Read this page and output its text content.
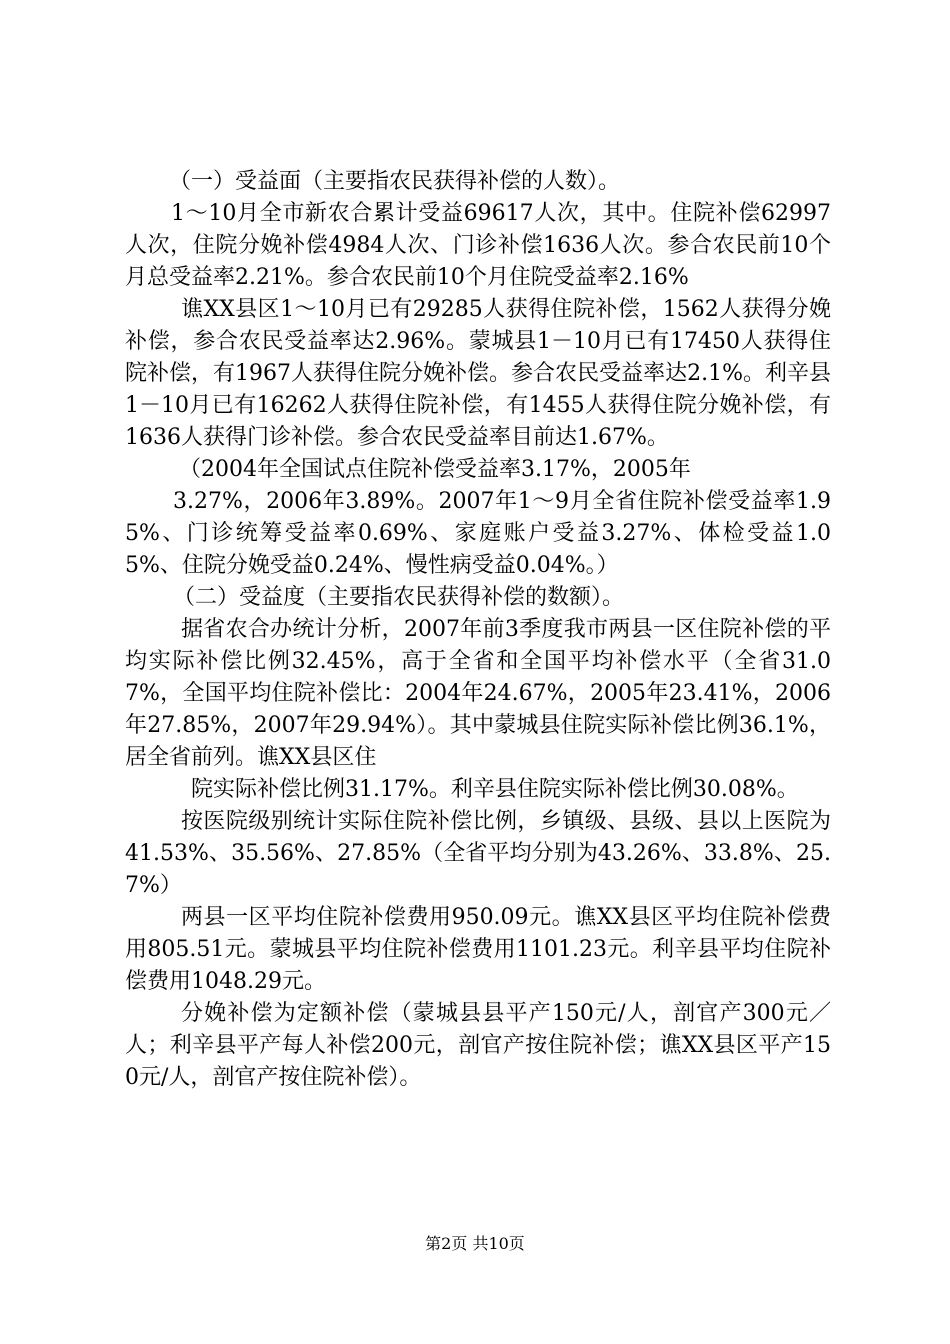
（一）受益面（主要指农民获得补偿的人数）。

1～10月全市新农合累计受益69617人次，其中。住院补偿62997人次，住院分娩补偿4984人次、门诊补偿1636人次。参合农民前10个月总受益率2.21%。参合农民前10个月住院受益率2.16%

谯XX县区1～10月已有29285人获得住院补偿，1562人获得分娩补偿，参合农民受益率达2.96%。蒙城县1－10月已有17450人获得住院补偿，有1967人获得住院分娩补偿。参合农民受益率达2.1%。利辛县1－10月已有16262人获得住院补偿，有1455人获得住院分娩补偿，有1636人获得门诊补偿。参合农民受益率目前达1.67%。

（2004年全国试点住院补偿受益率3.17%，2005年

3.27%，2006年3.89%。2007年1～9月全省住院补偿受益率1.95%、门诊统筹受益率0.69%、家庭账户受益3.27%、体检受益1.05%、住院分娩受益0.24%、慢性病受益0.04%。）

（二）受益度（主要指农民获得补偿的数额）。

据省农合办统计分析，2007年前3季度我市两县一区住院补偿的平均实际补偿比例32.45%，高于全省和全国平均补偿水平（全省31.07%，全国平均住院补偿比：2004年24.67%，2005年23.41%，2006年27.85%，2007年29.94%）。其中蒙城县住院实际补偿比例36.1%，居全省前列。谯XX县区住

院实际补偿比例31.17%。利辛县住院实际补偿比例30.08%。

按医院级别统计实际住院补偿比例，乡镇级、县级、县以上医院为41.53%、35.56%、27.85%（全省平均分别为43.26%、33.8%、25.7%）

两县一区平均住院补偿费用950.09元。谯XX县区平均住院补偿费用805.51元。蒙城县平均住院补偿费用1101.23元。利辛县平均住院补偿费用1048.29元。

分娩补偿为定额补偿（蒙城县县平产150元/人，剖官产300元／人；利辛县平产每人补偿200元，剖官产按住院补偿；谯XX县区平产150元/人，剖官产按住院补偿）。

第2页 共10页
